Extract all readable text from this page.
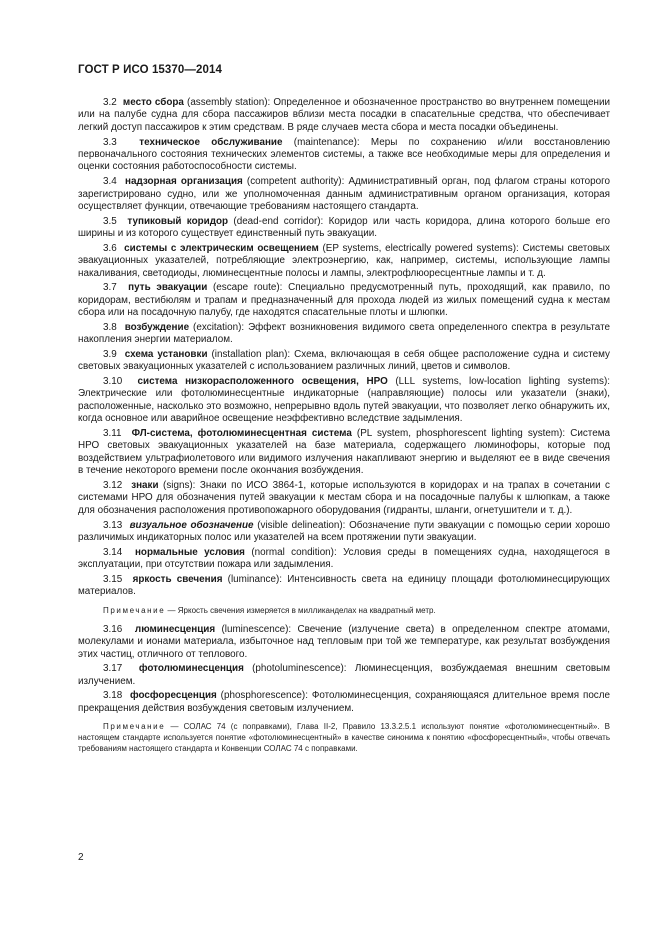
ГОСТ Р ИСО 15370—2014

3.2 место сбора (assembly station): Определенное и обозначенное пространство во внутреннем помещении или на палубе судна для сбора пассажиров вблизи места посадки в спасательные средства, что обеспечивает легкий доступ пассажиров к этим средствам. В ряде случаев места сбора и места посадки объединены.

3.3 техническое обслуживание (maintenance): Меры по сохранению и/или восстановлению первоначального состояния технических элементов системы, а также все необходимые меры для определения и оценки состояния работоспособности системы.

3.4 надзорная организация (competent authority): Административный орган, под флагом страны которого зарегистрировано судно, или же уполномоченная данным административным органом организация, которая осуществляет функции, отвечающие требованиям настоящего стандарта.

3.5 тупиковый коридор (dead-end corridor): Коридор или часть коридора, длина которого больше его ширины и из которого существует единственный путь эвакуации.

3.6 системы с электрическим освещением (EP systems, electrically powered systems): Системы световых эвакуационных указателей, потребляющие электроэнергию, как, например, системы, использующие лампы накаливания, светодиоды, люминесцентные полосы и лампы, электрофлюоресцентные лампы и т. д.

3.7 путь эвакуации (escape route): Специально предусмотренный путь, проходящий, как правило, по коридорам, вестибюлям и трапам и предназначенный для прохода людей из жилых помещений судна к местам сбора или на посадочную палубу, где находятся спасательные плоты и шлюпки.

3.8 возбуждение (excitation): Эффект возникновения видимого света определенного спектра в результате накопления энергии материалом.

3.9 схема установки (installation plan): Схема, включающая в себя общее расположение судна и систему световых эвакуационных указателей с использованием различных линий, цветов и символов.

3.10 система низкорасположенного освещения, НРО (LLL systems, low-location lighting systems): Электрические или фотолюминесцентные индикаторные (направляющие) полосы или указатели (знаки), расположенные, насколько это возможно, непрерывно вдоль путей эвакуации, что позволяет легко обнаружить их, когда основное или аварийное освещение неэффективно вследствие задымления.

3.11 ФЛ-система, фотолюминесцентная система (PL system, phosphorescent lighting system): Система НРО световых эвакуационных указателей на базе материала, содержащего люминофоры, которые под воздействием ультрафиолетового или видимого излучения накапливают энергию и выделяют ее в виде свечения в течение некоторого времени после окончания возбуждения.

3.12 знаки (signs): Знаки по ИСО 3864-1, которые используются в коридорах и на трапах в сочетании с системами НРО для обозначения путей эвакуации к местам сбора и на посадочные палубы к шлюпкам, а также для обозначения расположения противопожарного оборудования (гидранты, шланги, огнетушители и т. д.).

3.13 визуальное обозначение (visible delineation): Обозначение пути эвакуации с помощью серии хорошо различимых индикаторных полос или указателей на всем протяжении пути эвакуации.

3.14 нормальные условия (normal condition): Условия среды в помещениях судна, находящегося в эксплуатации, при отсутствии пожара или задымления.

3.15 яркость свечения (luminance): Интенсивность света на единицу площади фотолюминесцирующих материалов.

Примечание — Яркость свечения измеряется в милликанделах на квадратный метр.

3.16 люминесценция (luminescence): Свечение (излучение света) в определенном спектре атомами, молекулами и ионами материала, избыточное над тепловым при той же температуре, как результат возбуждения этих частиц, отличного от теплового.

3.17 фотолюминесценция (photoluminescence): Люминесценция, возбуждаемая внешним световым излучением.

3.18 фосфоресценция (phosphorescence): Фотолюминесценция, сохраняющаяся длительное время после прекращения действия возбуждения световым излучением.

Примечание — СОЛАС 74 (с поправками), Глава II-2, Правило 13.3.2.5.1 используют понятие «фотолюминесцентный». В настоящем стандарте используется понятие «фотолюминесцентный» в качестве синонима к понятию «фосфоресцентный», чтобы отвечать требованиям настоящего стандарта и Конвенции СОЛАС 74 с поправками.

2
